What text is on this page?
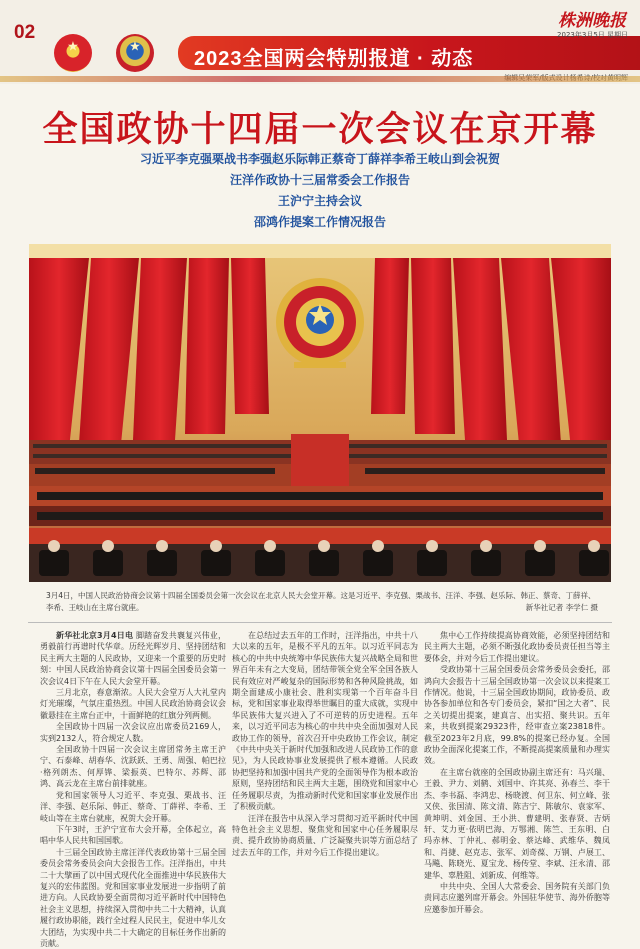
02
★	★
2023全国两会特别报道 · 动态
株洲晚报
2023年3月5日 星期日
全国政协十四届一次会议在京开幕
习近平李克强栗战书李强赵乐际韩正蔡奇丁薛祥李希王岐山到会祝贺
汪洋作政协十三届常委会工作报告
王沪宁主持会议
邵鸿作提案工作情况报告
3月4日，中国人民政治协商会议第十四届全国委员会第一次会议在北京人民大会堂开幕。这是习近平、李克强、栗战书、汪洋、李强、赵乐际、韩正、蔡奇、丁薛祥、李希、王岐山在主席台就座。	新华社记者 李学仁 摄

新华社北京3月4日电 脚踏奋发共襄复兴伟业，勇毅前行再谱时代华章。历经光辉岁月、坚持团结和民主两大主题的人民政协，又迎来一个重要的历史时刻：中国人民政治协商会议第十四届全国委员会第一次会议4日下午在人民大会堂开幕。

三月北京，春意渐浓。人民大会堂万人大礼堂内灯光璀璨，气氛庄重热烈。中国人民政治协商会议会徽悬挂在主席台正中，十面鲜艳的红旗分列两侧。

全国政协十四届一次会议应出席委员2169人，实到2132人，符合规定人数。

全国政协十四届一次会议主席团常务主席王沪宁、石泰峰、胡春华、沈跃跃、王勇、周强、帕巴拉·格列朗杰、何厚铧、梁振英、巴特尔、苏辉、邵鸿、高云龙在主席台前排就座。

党和国家领导人习近平、李克强、栗战书、汪洋、李强、赵乐际、韩正、蔡奇、丁薛祥、李希、王岐山等在主席台就座，祝贺大会开幕。

下午3时，王沪宁宣布大会开幕，全体起立，高唱中华人民共和国国歌。

十三届全国政协主席汪洋代表政协第十三届全国委员会常务委员会向大会报告工作。汪洋指出，中共二十大擘画了以中国式现代化全面推进中华民族伟大复兴的宏伟蓝图。党和国家事业发展进一步指明了前进方向。人民政协要全面贯彻习近平新时代中国特色社会主义思想，持续深入贯彻中共二十大精神，认真履行政协职能，践行全过程人民民主，促进中华儿女大团结，为实现中共二十大确定的目标任务作出新的贡献。

在总结过去五年的工作时，汪洋指出，中共十八大以来的五年，是极不平凡的五年。以习近平同志为核心的中共中央统筹中华民族伟大复兴战略全局和世界百年未有之大变局，团结带领全党全军全国各族人民有效应对严峻复杂的国际形势和各种风险挑战，如期全面建成小康社会、胜利实现第一个百年奋斗目标，党和国家事业取得举世瞩目的重大成就，实现中华民族伟大复兴进入了不可逆转的历史进程。五年来，以习近平同志为核心的中共中央全面加强对人民政协工作的领导，首次召开中央政协工作会议，制定《中共中央关于新时代加强和改进人民政协工作的意见》，为人民政协事业发展提供了根本遵循。人民政协把坚持和加强中国共产党的全面领导作为根本政治原则，坚持团结和民主两大主题，围绕党和国家中心任务履职尽责，为推动新时代党和国家事业发展作出了积极贡献。

汪洋在报告中从深入学习贯彻习近平新时代中国特色社会主义思想、聚焦党和国家中心任务履职尽责、提升政协协商质量、广泛凝聚共识等方面总结了过去五年的工作，并对今后工作提出建议。

焦中心工作持续提高协商效能，必须坚持团结和民主两大主题，必须不断强化政协委员责任担当等主要体会，并对今后工作提出建议。

受政协第十三届全国委员会常务委员会委托，邵鸿向大会报告十三届全国政协第一次会议以来提案工作情况。他说，十三届全国政协期间，政协委员、政协各参加单位和各专门委员会，紧扣“国之大者”、民之关切提出提案，建真言、出实招、聚共识。五年来，共收到提案29323件，经审查立案23818件。截至2023年2月底，99.8%的提案已经办复。全国政协全面深化提案工作，不断提高提案质量和办理实效。

在主席台就座的全国政协副主席还有：马兴瑞、王毅、尹力、刘鹤、刘国中、许其亮、孙春兰、李干杰、李书磊、李鸿忠、杨晓渡、何卫东、何立峰、张又侠、张国清、陈文清、陈吉宁、陈敏尔、袁家军、黄坤明、刘金国、王小洪、曹建明、张春贤、吉炳轩、艾力更·依明巴海、万鄂湘、陈竺、王东明、白玛赤林、丁仲礼、郝明金、蔡达峰、武维华、魏凤和、肖捷、赵克志、张军、刘奇葆、万钢、卢展工、马飚、陈晓光、夏宝龙、杨传堂、李斌、汪永清、邵建华、辜胜阻、刘新成、何维等。

中共中央、全国人大常委会、国务院有关部门负责同志应邀列席开幕会。外国驻华使节、海外侨胞等应邀参加开幕会。
